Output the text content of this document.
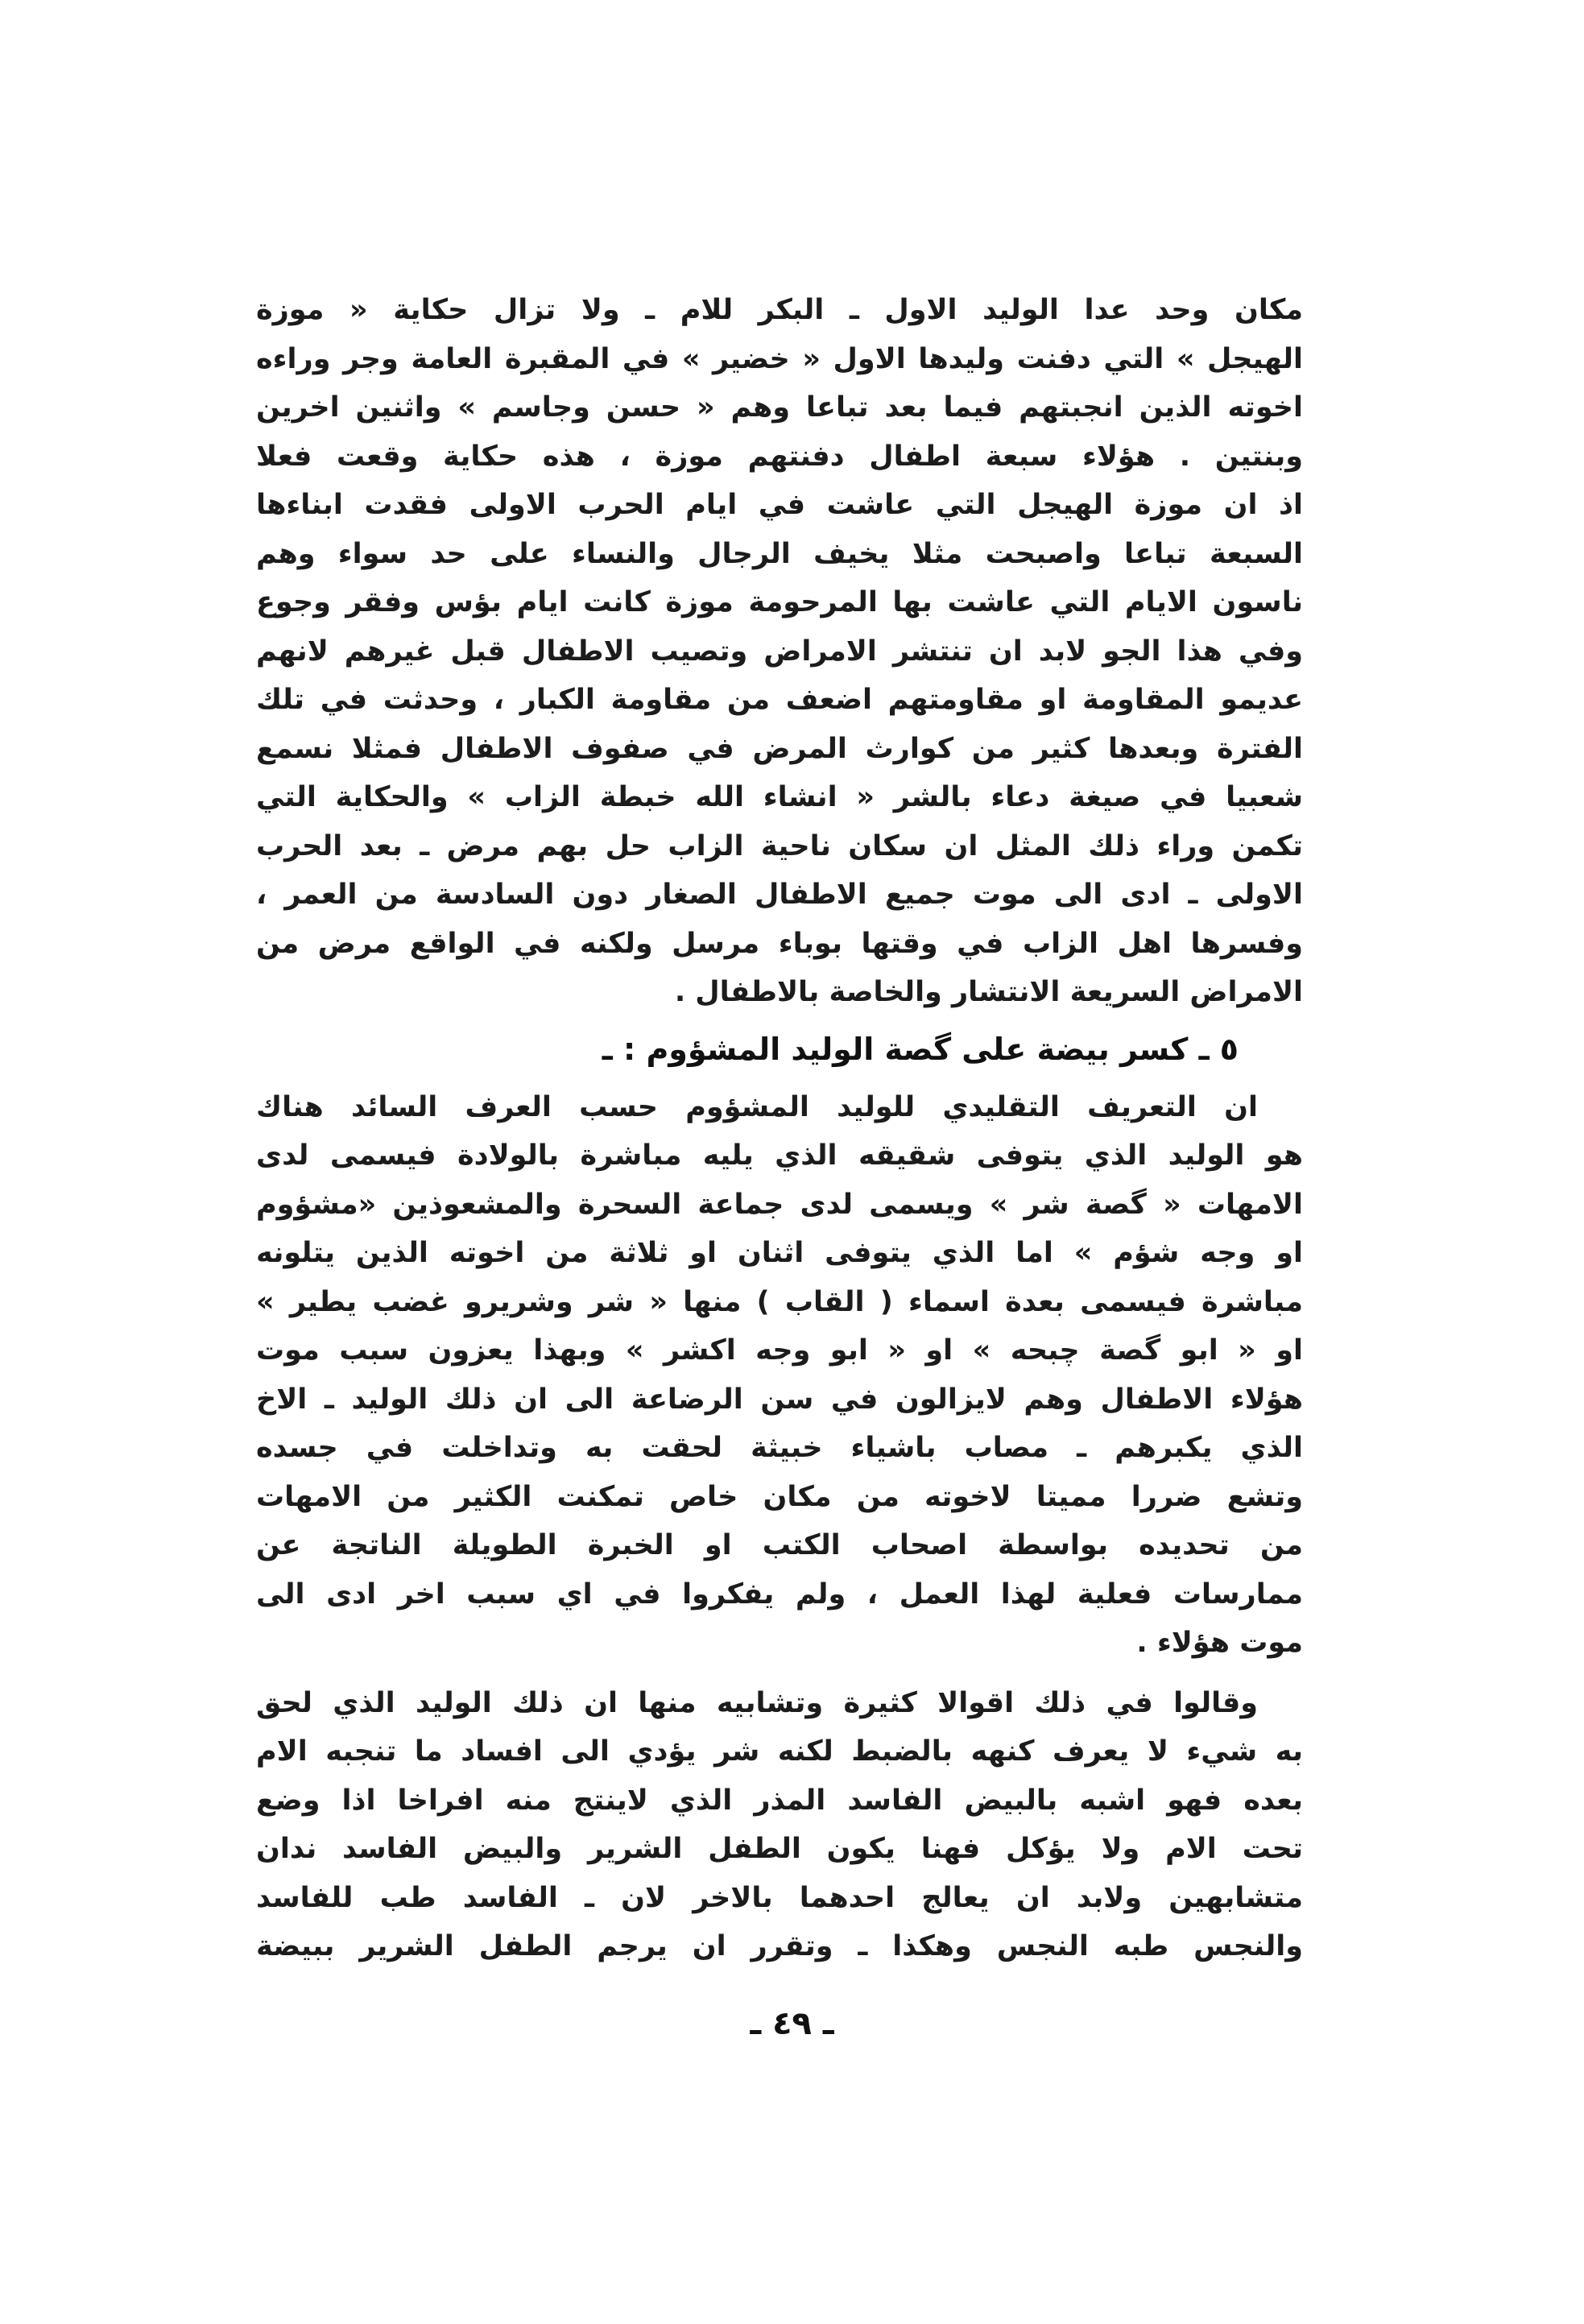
مكان وحد عدا الوليد الاول ـ البكر للام ـ ولا تزال حكاية « موزة
الهيجل » التي دفنت وليدها الاول « خضير » في المقبرة العامة وجر وراءه
اخوته الذين انجبتهم فيما بعد تباعا وهم « حسن وجاسم » واثنين اخرين
وبنتين . هؤلاء سبعة اطفال دفنتهم موزة ، هذه حكاية وقعت فعلا
اذ ان موزة الهيجل التي عاشت في ايام الحرب الاولى فقدت ابناءها
السبعة تباعا واصبحت مثلا يخيف الرجال والنساء على حد سواء وهم
ناسون الايام التي عاشت بها المرحومة موزة كانت ايام بؤس وفقر وجوع
وفي هذا الجو لابد ان تنتشر الامراض وتصيب الاطفال قبل غيرهم لانهم
عديمو المقاومة او مقاومتهم اضعف من مقاومة الكبار ، وحدثت في تلك
الفترة وبعدها كثير من كوارث المرض في صفوف الاطفال فمثلا نسمع
شعبيا في صيغة دعاء بالشر « انشاء الله خبطة الزاب » والحكاية التي
تكمن وراء ذلك المثل ان سكان ناحية الزاب حل بهم مرض ـ بعد الحرب
الاولى ـ ادى الى موت جميع الاطفال الصغار دون السادسة من العمر ،
وفسرها اهل الزاب في وقتها بوباء مرسل ولكنه في الواقع مرض من
الامراض السريعة الانتشار والخاصة بالاطفال .
٥ ـ كسر بيضة على گصة الوليد المشؤوم : ـ
ان التعريف التقليدي للوليد المشؤوم حسب العرف السائد هناك
هو الوليد الذي يتوفى شقيقه الذي يليه مباشرة بالولادة فيسمى لدى
الامهات « گصة شر » ويسمى لدى جماعة السحرة والمشعوذين «مشؤوم
او وجه شؤم » اما الذي يتوفى اثنان او ثلاثة من اخوته الذين يتلونه
مباشرة فيسمى بعدة اسماء ( القاب ) منها « شر وشريرو غضب يطير »
او « ابو گصة چبحه » او « ابو وجه اكشر » وبهذا يعزون سبب موت
هؤلاء الاطفال وهم لايزالون في سن الرضاعة الى ان ذلك الوليد ـ الاخ
الذي يكبرهم ـ مصاب باشياء خبيثة لحقت به وتداخلت في جسده
وتشع ضررا مميتا لاخوته من مكان خاص تمكنت الكثير من الامهات
من تحديده بواسطة اصحاب الكتب او الخبرة الطويلة الناتجة عن
ممارسات فعلية لهذا العمل ، ولم يفكروا في اي سبب اخر ادى الى
موت هؤلاء .
وقالوا في ذلك اقوالا كثيرة وتشابيه منها ان ذلك الوليد الذي لحق
به شيء لا يعرف كنهه بالضبط لكنه شر يؤدي الى افساد ما تنجبه الام
بعده فهو اشبه بالبيض الفاسد المذر الذي لاينتج منه افراخا اذا وضع
تحت الام ولا يؤكل فهنا يكون الطفل الشرير والبيض الفاسد ندان
متشابهين ولابد ان يعالج احدهما بالاخر لان ـ الفاسد طب للفاسد
والنجس طبه النجس وهكذا ـ وتقرر ان يرجم الطفل الشرير ببيضة
ـ ٤٩ ـ
